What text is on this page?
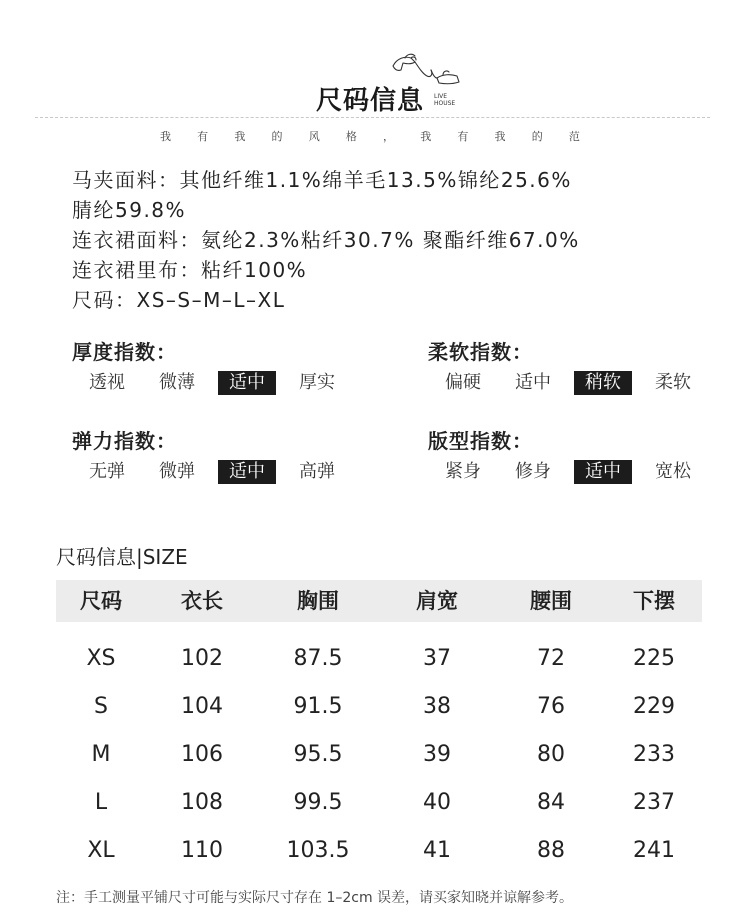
尺码信息 LIVE
HOUSE
我 有 我 的 风 格 ， 我 有 我 的 范
马夹面料：其他纤维1.1%绵羊毛13.5%锦纶25.6%
腈纶59.8%
连衣裙面料：氨纶2.3%粘纤30.7% 聚酯纤维67.0%
连衣裙里布：粘纤100%
尺码：XS–S–M–L–XL
厚度指数：
透视	微薄	适中	厚实
柔软指数：
偏硬	适中	稍软	柔软
弹力指数：
无弹	微弹	适中	高弹
版型指数：
紧身	修身	适中	宽松
尺码信息|SIZE
尺码	衣长	胸围	肩宽	腰围	下摆
XS	102	87.5	37	72	225
S	104	91.5	38	76	229
M	106	95.5	39	80	233
L	108	99.5	40	84	237
XL	110	103.5	41	88	241
注：手工测量平铺尺寸可能与实际尺寸存在 1–2cm 误差，请买家知晓并谅解参考。
